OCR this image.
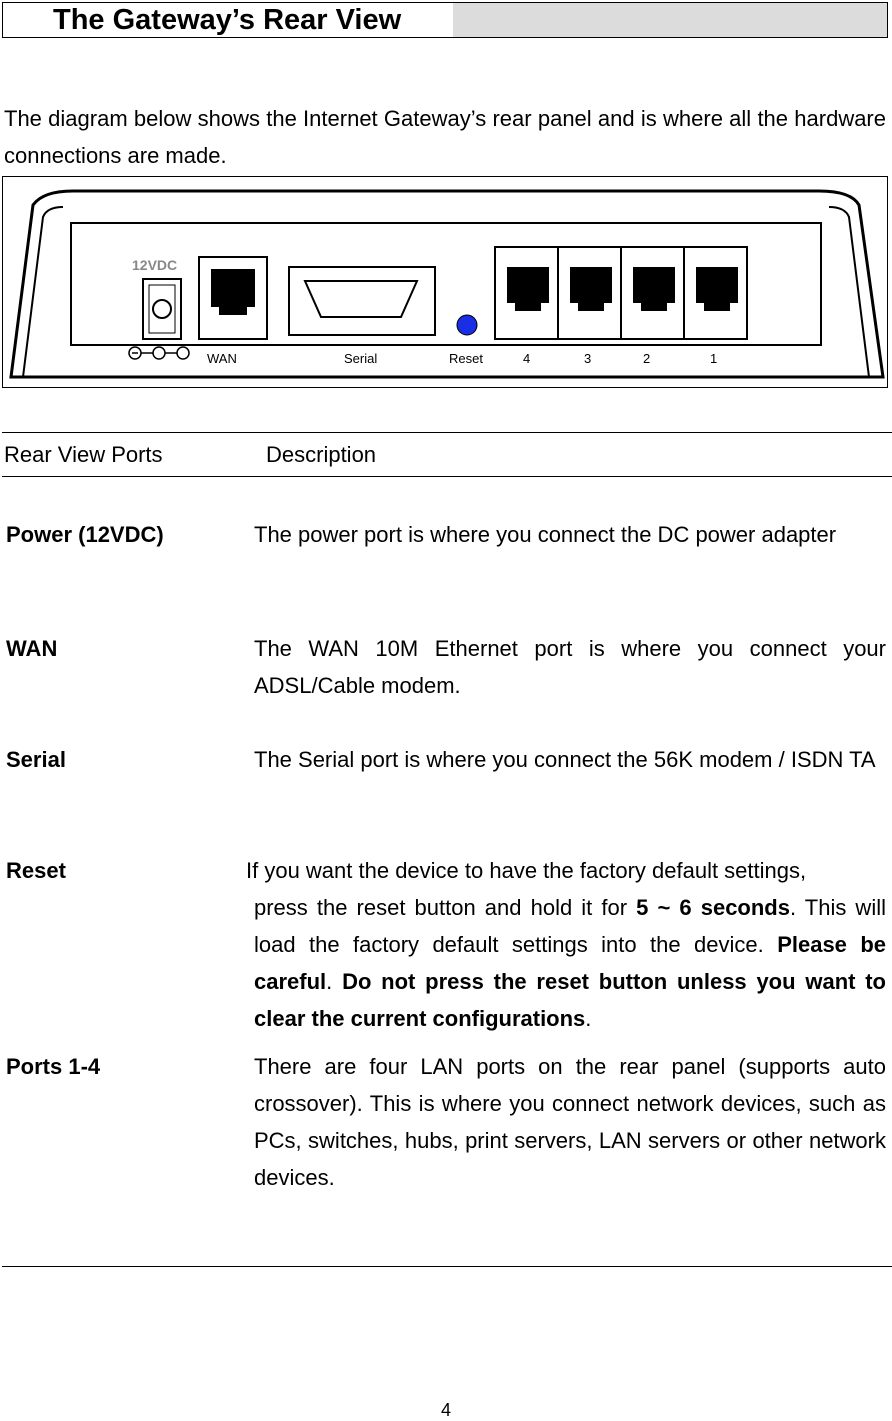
The Gateway’s Rear View
The diagram below shows the Internet Gateway’s rear panel and is where all the hardware connections are made.
12VDC
WAN	Serial	Reset	4	3	2	1
Rear View Ports	Description
Power (12VDC)	The power port is where you connect the DC power adapter
WAN	The WAN 10M Ethernet port is where you connect your ADSL/Cable modem.
Serial	The Serial port is where you connect the 56K modem / ISDN TA
Reset	If you want the device to have the factory default settings,
press the reset button and hold it for 5 ~ 6 seconds. This will load the factory default settings into the device. Please be careful. Do not press the reset button unless you want to clear the current configurations.
Ports 1-4	There are four LAN ports on the rear panel (supports auto crossover). This is where you connect network devices, such as PCs, switches, hubs, print servers, LAN servers or other network devices.
4
